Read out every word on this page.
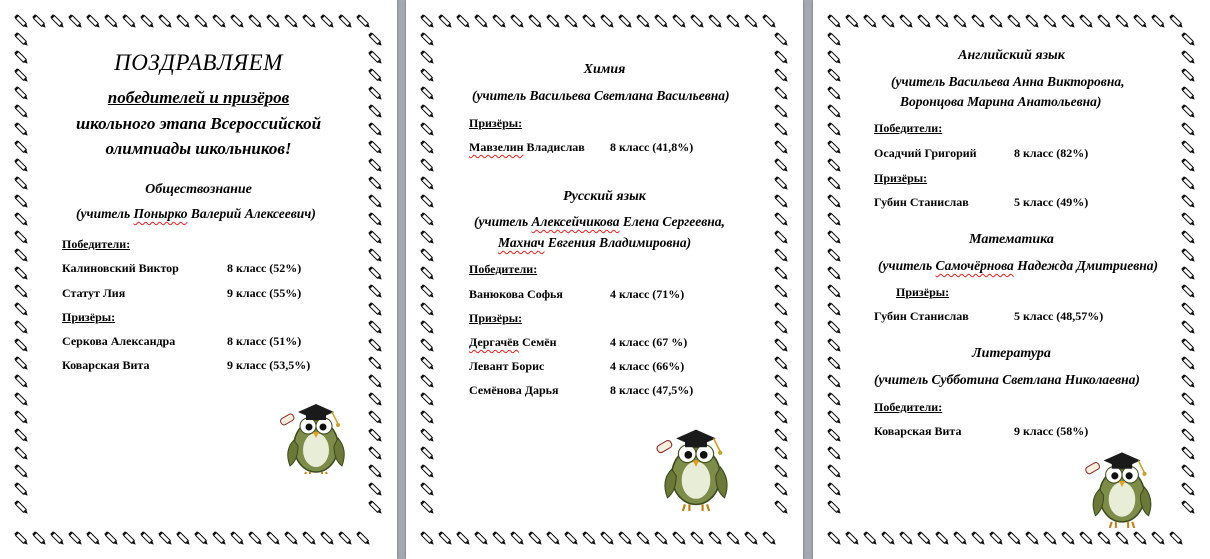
ПОЗДРАВЛЯЕМ
победителей и призёров
школьного этапа Всероссийской
олимпиады школьников!
Обществознание
(учитель Понырко Валерий Алексеевич)
Победители:
Калиновский Виктор	8 класс (52%)
Статут Лия	9 класс (55%)
Призёры:
Серкова Александра	8 класс (51%)
Коварская Вита	9 класс (53,5%)
Химия
(учитель Васильева Светлана Васильевна)
Призёры:
Мавзелин Владислав 8 класс (41,8%)
Русский язык
(учитель Алексейчикова Елена Сергеевна,
Махнач Евгения Владимировна)
Победители:
Ванюкова Софья	4 класс (71%)
Призёры:
Дергачёв Семён	4 класс (67 %)
Левант Борис	4 класс (66%)
Семёнова Дарья	8 класс (47,5%)
Английский язык
(учитель Васильева Анна Викторовна,
Воронцова Марина Анатольевна)
Победители:
Осадчий Григорий	8 класс (82%)
Призёры:
Губин Станислав	5 класс (49%)
Математика
(учитель Самочёрнова Надежда Дмитриевна)
Призёры:
Губин Станислав	5 класс (48,57%)
Литература
(учитель Субботина Светлана Николаевна)
Победители:
Коварская Вита	9 класс (58%)
